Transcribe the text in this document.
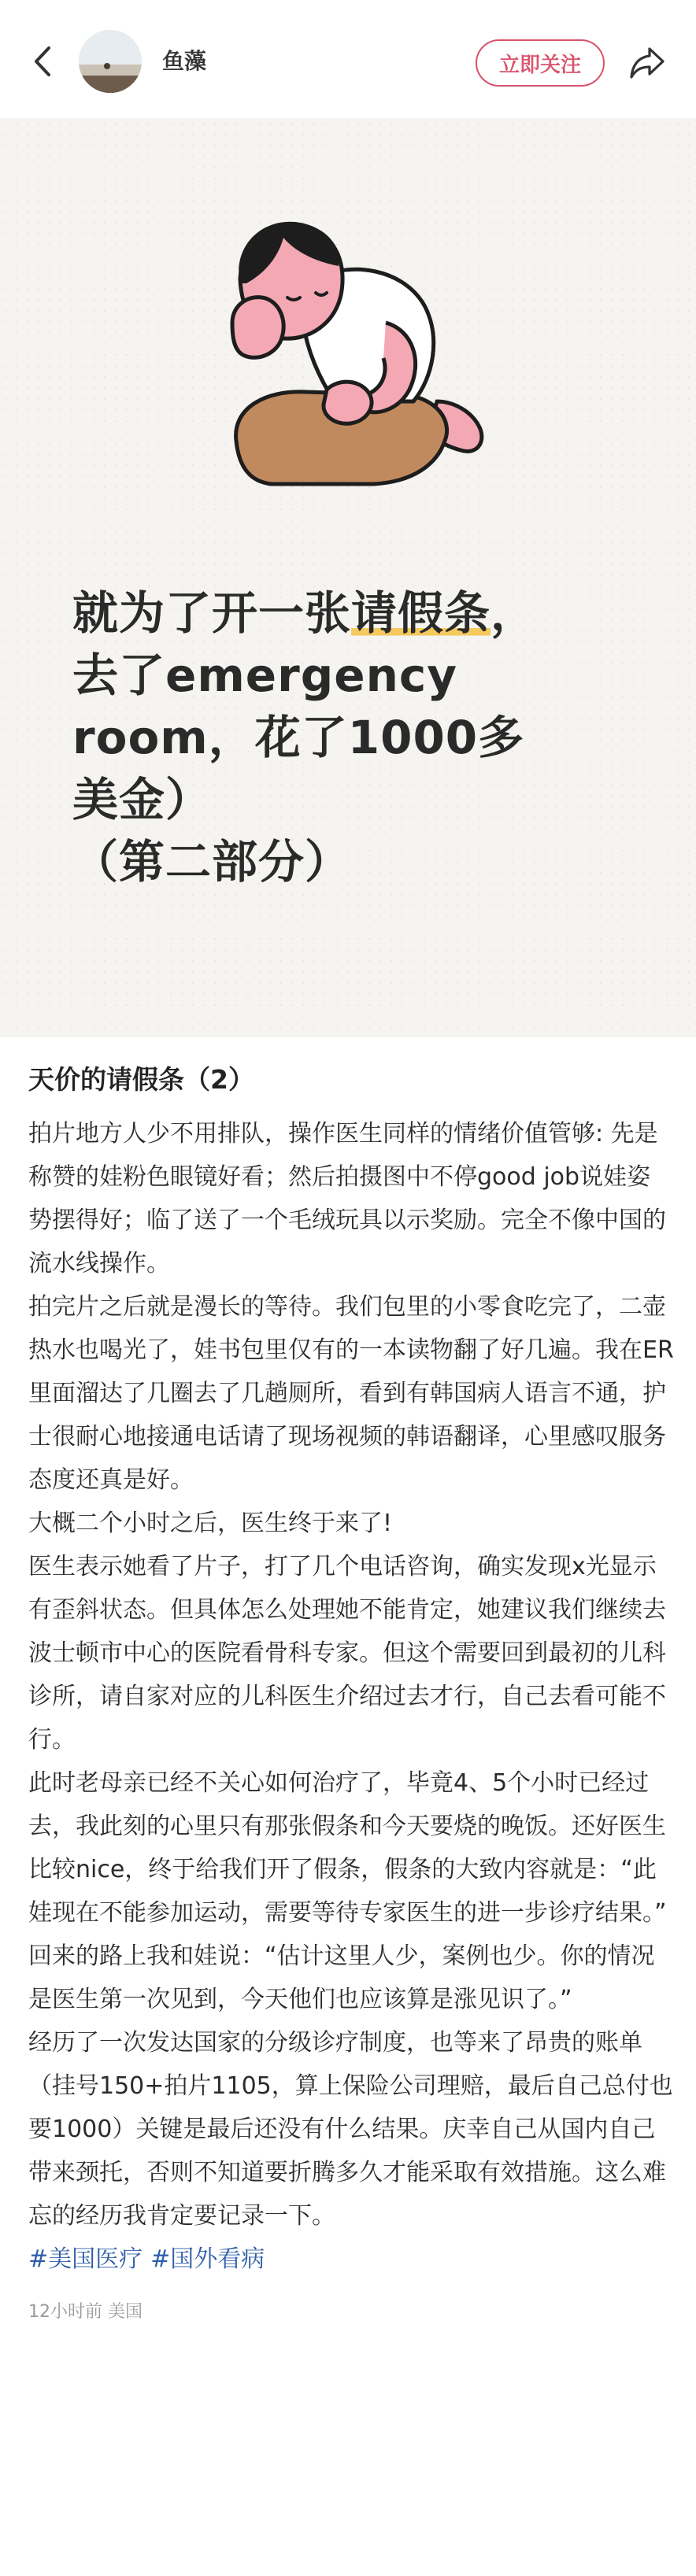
鱼藻	立即关注
就为了开一张请假条，
去了emergency
room，花了1000多
美金）
（第二部分）
天价的请假条（2）

拍片地方人少不用排队，操作医生同样的情绪价值管够: 先是称赞的娃粉色眼镜好看；然后拍摄图中不停good job说娃姿势摆得好；临了送了一个毛绒玩具以示奖励。完全不像中国的流水线操作。

拍完片之后就是漫长的等待。我们包里的小零食吃完了，二壶热水也喝光了，娃书包里仅有的一本读物翻了好几遍。我在ER里面溜达了几圈去了几趟厕所，看到有韩国病人语言不通，护士很耐心地接通电话请了现场视频的韩语翻译，心里感叹服务态度还真是好。

大概二个小时之后，医生终于来了!

医生表示她看了片子，打了几个电话咨询，确实发现x光显示有歪斜状态。但具体怎么处理她不能肯定，她建议我们继续去波士顿市中心的医院看骨科专家。但这个需要回到最初的儿科诊所，请自家对应的儿科医生介绍过去才行，自己去看可能不行。

此时老母亲已经不关心如何治疗了，毕竟4、5个小时已经过去，我此刻的心里只有那张假条和今天要烧的晚饭。还好医生比较nice，终于给我们开了假条，假条的大致内容就是：“此娃现在不能参加运动，需要等待专家医生的进一步诊疗结果。”

回来的路上我和娃说：“估计这里人少，案例也少。你的情况是医生第一次见到，今天他们也应该算是涨见识了。”

经历了一次发达国家的分级诊疗制度，也等来了昂贵的账单（挂号150+拍片1105，算上保险公司理赔，最后自己总付也要1000）关键是最后还没有什么结果。庆幸自己从国内自己带来颈托，否则不知道要折腾多久才能采取有效措施。这么难忘的经历我肯定要记录一下。

#美国医疗 #国外看病
12小时前 美国
